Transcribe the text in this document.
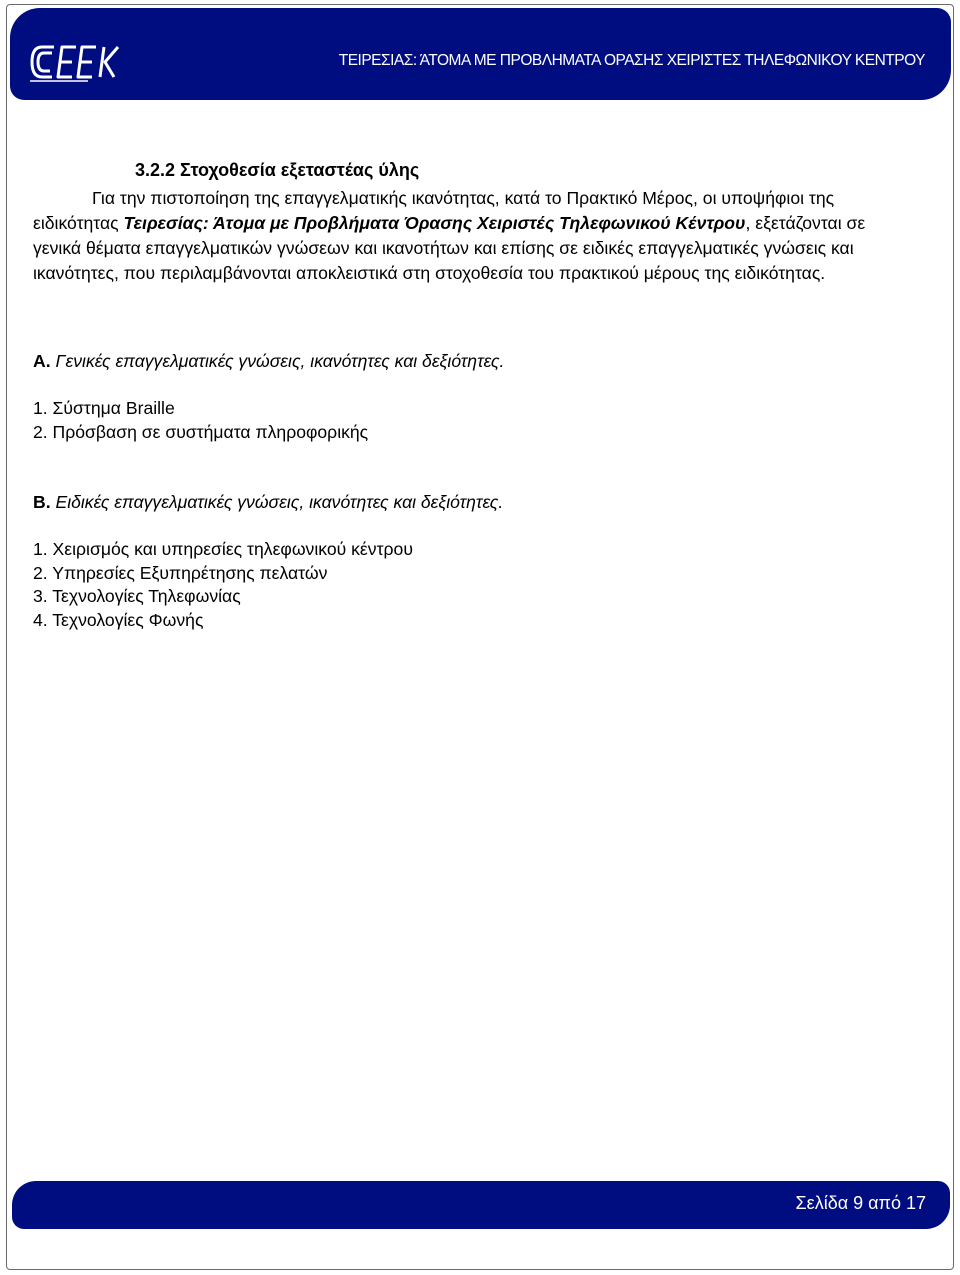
ΤΕΙΡΕΣΙΑΣ: ΆΤΟΜΑ ΜΕ ΠΡΟΒΛΗΜΑΤΑ ΟΡΑΣΗΣ ΧΕΙΡΙΣΤΕΣ ΤΗΛΕΦΩΝΙΚΟΥ ΚΕΝΤΡΟΥ
3.2.2 Στοχοθεσία εξεταστέας ύλης

Για την πιστοποίηση της επαγγελματικής ικανότητας, κατά το Πρακτικό Μέρος, οι υποψήφιοι της ειδικότητας Τειρεσίας: Άτομα με Προβλήματα Όρασης Χειριστές Τηλεφωνικού Κέντρου, εξετάζονται σε γενικά θέματα επαγγελματικών γνώσεων και ικανοτήτων και επίσης σε ειδικές επαγγελματικές γνώσεις και ικανότητες, που περιλαμβάνονται αποκλειστικά στη στοχοθεσία του πρακτικού μέρους της ειδικότητας.

Α. Γενικές επαγγελματικές γνώσεις, ικανότητες και δεξιότητες.

1. Σύστημα Braille
2. Πρόσβαση σε συστήματα πληροφορικής

Β. Ειδικές επαγγελματικές γνώσεις, ικανότητες και δεξιότητες.

1. Χειρισμός και υπηρεσίες τηλεφωνικού κέντρου
2. Υπηρεσίες Εξυπηρέτησης πελατών
3. Τεχνολογίες Τηλεφωνίας
4. Τεχνολογίες Φωνής
Σελίδα 9 από 17
